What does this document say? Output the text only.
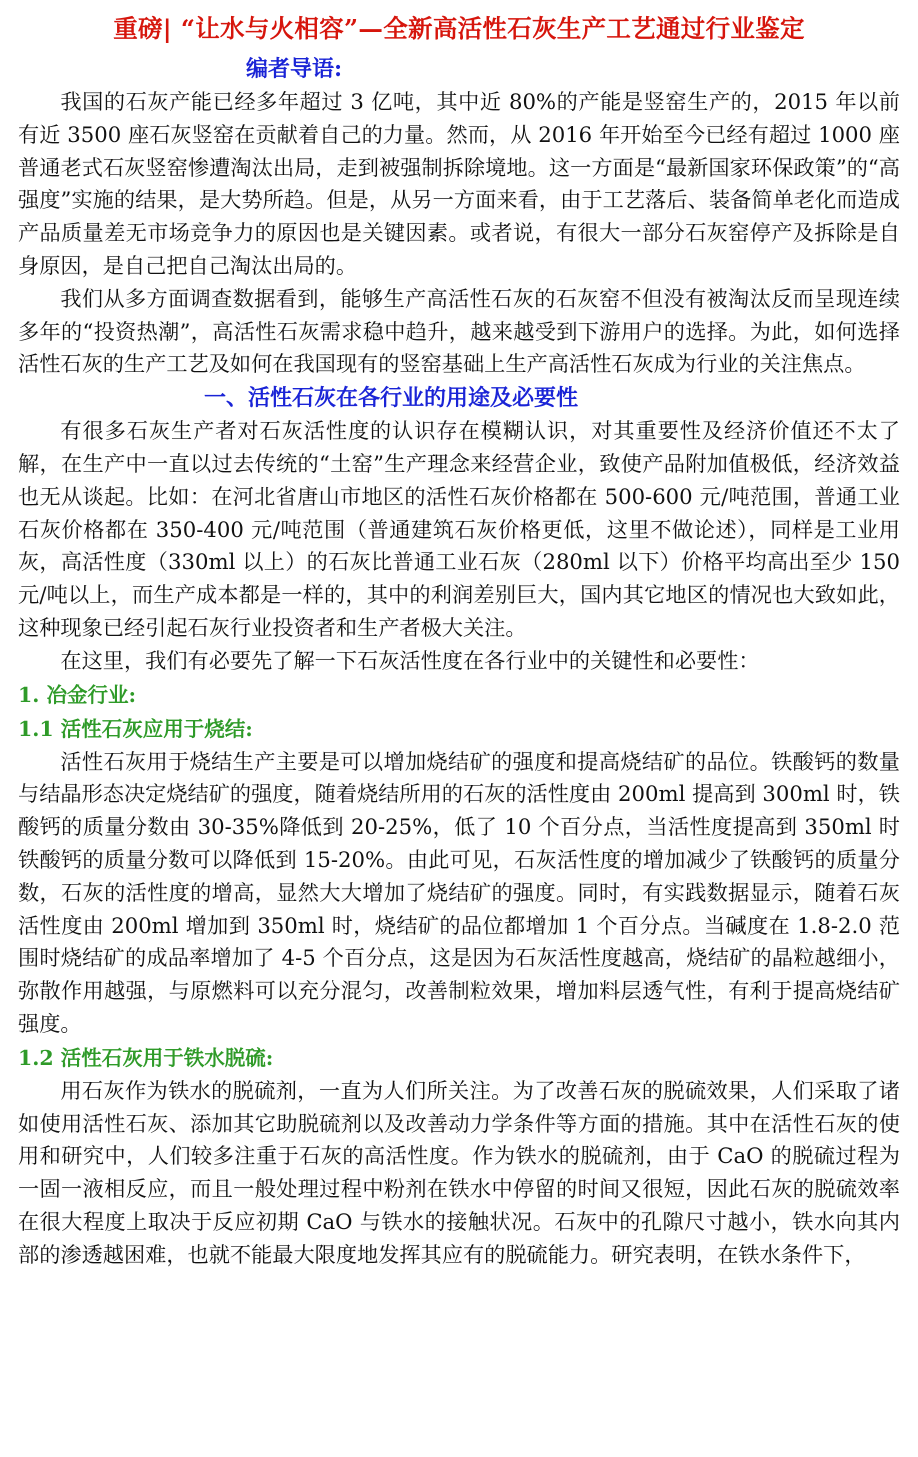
重磅| “让水与火相容”—全新高活性石灰生产工艺通过行业鉴定
编者导语:

我国的石灰产能已经多年超过 3 亿吨，其中近 80%的产能是竖窑生产的，2015 年以前有近 3500 座石灰竖窑在贡献着自己的力量。然而，从 2016 年开始至今已经有超过 1000 座普通老式石灰竖窑惨遭淘汰出局，走到被强制拆除境地。这一方面是“最新国家环保政策”的“高强度”实施的结果，是大势所趋。但是，从另一方面来看，由于工艺落后、装备简单老化而造成产品质量差无市场竞争力的原因也是关键因素。或者说，有很大一部分石灰窑停产及拆除是自身原因，是自己把自己淘汰出局的。

我们从多方面调查数据看到，能够生产高活性石灰的石灰窑不但没有被淘汰反而呈现连续多年的“投资热潮”，高活性石灰需求稳中趋升，越来越受到下游用户的选择。为此，如何选择活性石灰的生产工艺及如何在我国现有的竖窑基础上生产高活性石灰成为行业的关注焦点。

一、活性石灰在各行业的用途及必要性

有很多石灰生产者对石灰活性度的认识存在模糊认识，对其重要性及经济价值还不太了解，在生产中一直以过去传统的“土窑”生产理念来经营企业，致使产品附加值极低，经济效益也无从谈起。比如：在河北省唐山市地区的活性石灰价格都在 500-600 元/吨范围，普通工业石灰价格都在 350-400 元/吨范围（普通建筑石灰价格更低，这里不做论述），同样是工业用灰，高活性度（330ml 以上）的石灰比普通工业石灰（280ml 以下）价格平均高出至少 150 元/吨以上，而生产成本都是一样的，其中的利润差别巨大，国内其它地区的情况也大致如此，这种现象已经引起石灰行业投资者和生产者极大关注。

在这里，我们有必要先了解一下石灰活性度在各行业中的关键性和必要性：

1. 冶金行业:
1.1 活性石灰应用于烧结:

活性石灰用于烧结生产主要是可以增加烧结矿的强度和提高烧结矿的品位。铁酸钙的数量与结晶形态决定烧结矿的强度，随着烧结所用的石灰的活性度由 200ml 提高到 300ml 时，铁酸钙的质量分数由 30-35%降低到 20-25%，低了 10 个百分点，当活性度提高到 350ml 时铁酸钙的质量分数可以降低到 15-20%。由此可见，石灰活性度的增加减少了铁酸钙的质量分数，石灰的活性度的增高，显然大大增加了烧结矿的强度。同时，有实践数据显示，随着石灰活性度由 200ml 增加到 350ml 时，烧结矿的品位都增加 1 个百分点。当碱度在 1.8-2.0 范围时烧结矿的成品率增加了 4-5 个百分点，这是因为石灰活性度越高，烧结矿的晶粒越细小，弥散作用越强，与原燃料可以充分混匀，改善制粒效果，增加料层透气性，有利于提高烧结矿强度。

1.2 活性石灰用于铁水脱硫:

用石灰作为铁水的脱硫剂，一直为人们所关注。为了改善石灰的脱硫效果，人们采取了诸如使用活性石灰、添加其它助脱硫剂以及改善动力学条件等方面的措施。其中在活性石灰的使用和研究中，人们较多注重于石灰的高活性度。作为铁水的脱硫剂，由于 CaO 的脱硫过程为一固一液相反应，而且一般处理过程中粉剂在铁水中停留的时间又很短，因此石灰的脱硫效率在很大程度上取决于反应初期 CaO 与铁水的接触状况。石灰中的孔隙尺寸越小，铁水向其内部的渗透越困难，也就不能最大限度地发挥其应有的脱硫能力。研究表明，在铁水条件下，
